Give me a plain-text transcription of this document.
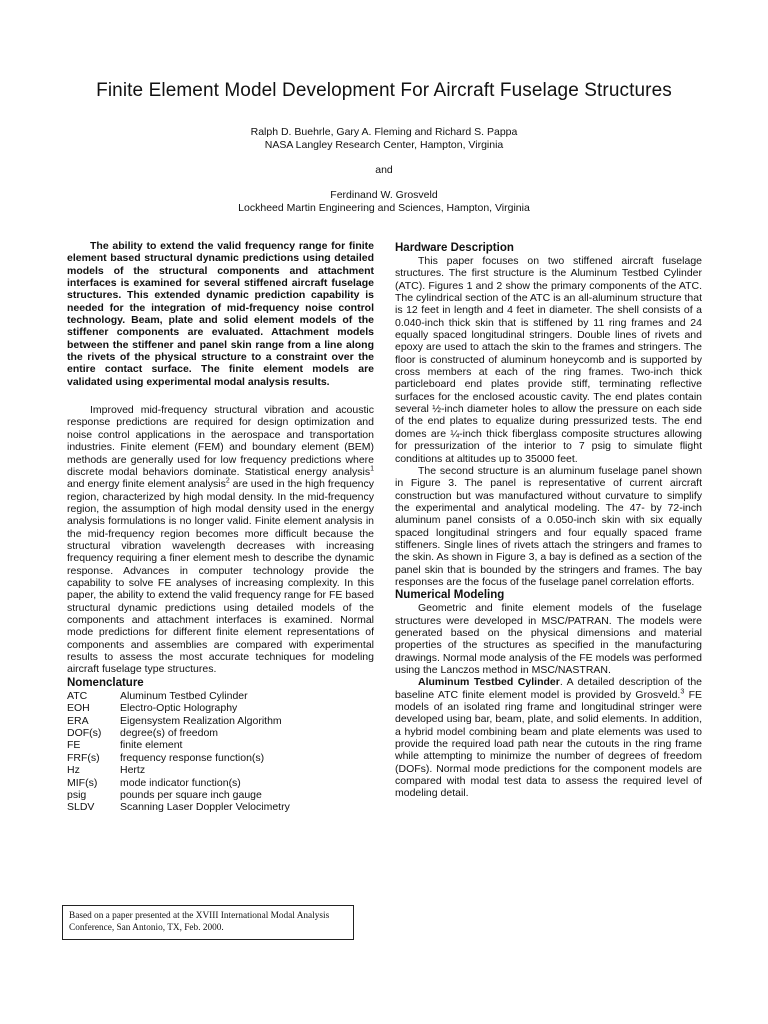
Finite Element Model Development For Aircraft Fuselage Structures
Ralph D. Buehrle, Gary A. Fleming and Richard S. Pappa
NASA Langley Research Center, Hampton, Virginia
and
Ferdinand W. Grosveld
Lockheed Martin Engineering and Sciences, Hampton, Virginia

The ability to extend the valid frequency range for finite element based structural dynamic predictions using detailed models of the structural components and attachment interfaces is examined for several stiffened aircraft fuselage structures. This extended dynamic prediction capability is needed for the integration of mid-frequency noise control technology. Beam, plate and solid element models of the stiffener components are evaluated. Attachment models between the stiffener and panel skin range from a line along the rivets of the physical structure to a constraint over the entire contact surface. The finite element models are validated using experimental modal analysis results.

Improved mid-frequency structural vibration and acoustic response predictions are required for design optimization and noise control applications in the aerospace and transportation industries. Finite element (FEM) and boundary element (BEM) methods are generally used for low frequency predictions where discrete modal behaviors dominate. Statistical energy analysis$^1$ and energy finite element analysis$^2$ are used in the high frequency region, characterized by high modal density. In the mid-frequency region, the assumption of high modal density used in the energy analysis formulations is no longer valid. Finite element analysis in the mid-frequency region becomes more difficult because the structural vibration wavelength decreases with increasing frequency requiring a finer element mesh to describe the dynamic response. Advances in computer technology provide the capability to solve FE analyses of increasing complexity. In this paper, the ability to extend the valid frequency range for FE based structural dynamic predictions using detailed models of the components and attachment interfaces is examined. Normal mode predictions for different finite element representations of components and assemblies are compared with experimental results to assess the most accurate techniques for modeling aircraft fuselage type structures.

Nomenclature
ATC	Aluminum Testbed Cylinder
EOH	Electro-Optic Holography
ERA	Eigensystem Realization Algorithm
DOF(s)	degree(s) of freedom
FE	finite element
FRF(s)	frequency response function(s)
Hz	Hertz
MIF(s)	mode indicator function(s)
psig	pounds per square inch gauge
SLDV	Scanning Laser Doppler Velocimetry
Based on a paper presented at the XVIII International Modal Analysis Conference, San Antonio, TX, Feb. 2000.
Hardware Description

This paper focuses on two stiffened aircraft fuselage structures. The first structure is the Aluminum Testbed Cylinder (ATC). Figures 1 and 2 show the primary components of the ATC. The cylindrical section of the ATC is an all-aluminum structure that is 12 feet in length and 4 feet in diameter. The shell consists of a 0.040-inch thick skin that is stiffened by 11 ring frames and 24 equally spaced longitudinal stringers. Double lines of rivets and epoxy are used to attach the skin to the frames and stringers. The floor is constructed of aluminum honeycomb and is supported by cross members at each of the ring frames. Two-inch thick particleboard end plates provide stiff, terminating reflective surfaces for the enclosed acoustic cavity. The end plates contain several ½-inch diameter holes to allow the pressure on each side of the end plates to equalize during pressurized tests. The end domes are ¼-inch thick fiberglass composite structures allowing for pressurization of the interior to 7 psig to simulate flight conditions at altitudes up to 35000 feet.

The second structure is an aluminum fuselage panel shown in Figure 3. The panel is representative of current aircraft construction but was manufactured without curvature to simplify the experimental and analytical modeling. The 47- by 72-inch aluminum panel consists of a 0.050-inch skin with six equally spaced longitudinal stringers and four equally spaced frame stiffeners. Single lines of rivets attach the stringers and frames to the skin. As shown in Figure 3, a bay is defined as a section of the panel skin that is bounded by the stringers and frames. The bay responses are the focus of the fuselage panel correlation efforts.

Numerical Modeling

Geometric and finite element models of the fuselage structures were developed in MSC/PATRAN. The models were generated based on the physical dimensions and material properties of the structures as specified in the manufacturing drawings. Normal mode analysis of the FE models was performed using the Lanczos method in MSC/NASTRAN.

Aluminum Testbed Cylinder. A detailed description of the baseline ATC finite element model is provided by Grosveld.$^3$ FE models of an isolated ring frame and longitudinal stringer were developed using bar, beam, plate, and solid elements. In addition, a hybrid model combining beam and plate elements was used to provide the required load path near the cutouts in the ring frame while attempting to minimize the number of degrees of freedom (DOFs). Normal mode predictions for the component models are compared with modal test data to assess the required level of modeling detail.
